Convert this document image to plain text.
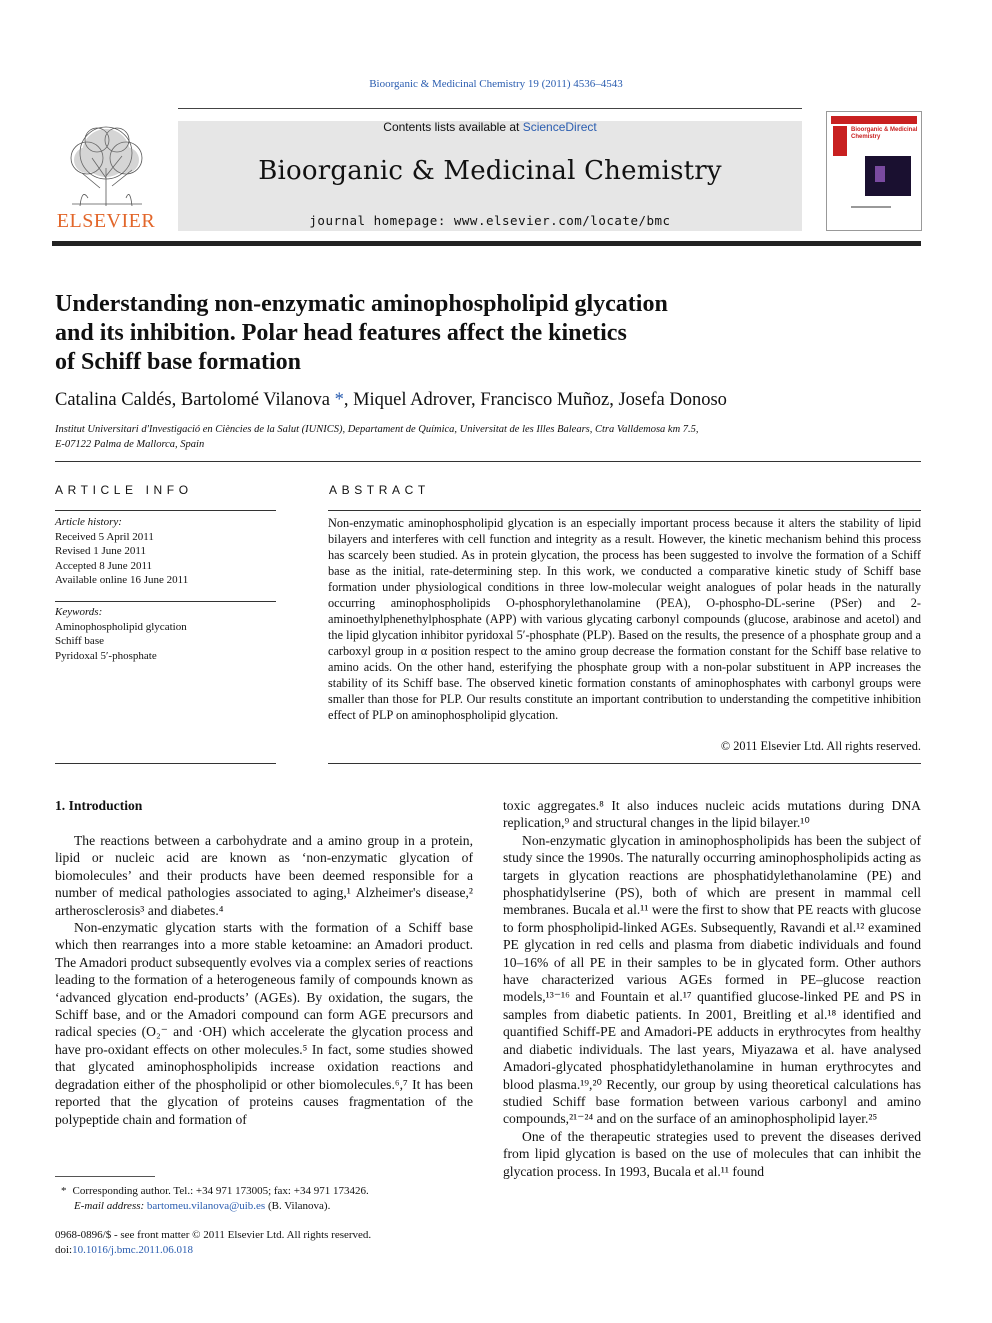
Bioorganic & Medicinal Chemistry 19 (2011) 4536–4543
ELSEVIER
Contents lists available at ScienceDirect
Bioorganic & Medicinal Chemistry
journal homepage: www.elsevier.com/locate/bmc
Bioorganic & Medicinal
Chemistry
Understanding non-enzymatic aminophospholipid glycation
and its inhibition. Polar head features affect the kinetics
of Schiff base formation
Catalina Caldés, Bartolomé Vilanova *, Miquel Adrover, Francisco Muñoz, Josefa Donoso
Institut Universitari d'Investigació en Ciències de la Salut (IUNICS), Departament de Química, Universitat de les Illes Balears, Ctra Valldemosa km 7.5,
E-07122 Palma de Mallorca, Spain
ARTICLE INFO
Article history:
Received 5 April 2011
Revised 1 June 2011
Accepted 8 June 2011
Available online 16 June 2011
Keywords:
Aminophospholipid glycation
Schiff base
Pyridoxal 5′-phosphate
ABSTRACT
Non-enzymatic aminophospholipid glycation is an especially important process because it alters the stability of lipid bilayers and interferes with cell function and integrity as a result. However, the kinetic mechanism behind this process has scarcely been studied. As in protein glycation, the process has been suggested to involve the formation of a Schiff base as the initial, rate-determining step. In this work, we conducted a comparative kinetic study of Schiff base formation under physiological conditions in three low-molecular weight analogues of polar heads in the naturally occurring aminophospholipids O-phosphorylethanolamine (PEA), O-phospho-DL-serine (PSer) and 2-aminoethylphenethylphosphate (APP) with various glycating carbonyl compounds (glucose, arabinose and acetol) and the lipid glycation inhibitor pyridoxal 5′-phosphate (PLP). Based on the results, the presence of a phosphate group and a carboxyl group in α position respect to the amino group decrease the formation constant for the Schiff base relative to amino acids. On the other hand, esterifying the phosphate group with a non-polar substituent in APP increases the stability of its Schiff base. The observed kinetic formation constants of aminophosphates with carbonyl groups were smaller than those for PLP. Our results constitute an important contribution to understanding the competitive inhibition effect of PLP on aminophospholipid glycation.
© 2011 Elsevier Ltd. All rights reserved.
1. Introduction

The reactions between a carbohydrate and a amino group in a protein, lipid or nucleic acid are known as ‘non-enzymatic glycation of biomolecules’ and their products have been deemed responsible for a number of medical pathologies associated to aging,¹ Alzheimer's disease,² artherosclerosis³ and diabetes.⁴

Non-enzymatic glycation starts with the formation of a Schiff base which then rearranges into a more stable ketoamine: an Amadori product. The Amadori product subsequently evolves via a complex series of reactions leading to the formation of a heterogeneous family of compounds known as ‘advanced glycation end-products’ (AGEs). By oxidation, the sugars, the Schiff base, and or the Amadori compound can form AGE precursors and radical species (O₂⁻ and ·OH) which accelerate the glycation process and have pro-oxidant effects on other molecules.⁵ In fact, some studies showed that glycated aminophospholipids increase oxidation reactions and degradation either of the phospholipid or other biomolecules.⁶,⁷ It has been reported that the glycation of proteins causes fragmentation of the polypeptide chain and formation of

toxic aggregates.⁸ It also induces nucleic acids mutations during DNA replication,⁹ and structural changes in the lipid bilayer.¹⁰

Non-enzymatic glycation in aminophospholipids has been the subject of study since the 1990s. The naturally occurring aminophospholipids acting as targets in glycation reactions are phosphatidylethanolamine (PE) and phosphatidylserine (PS), both of which are present in mammal cell membranes. Bucala et al.¹¹ were the first to show that PE reacts with glucose to form phospholipid-linked AGEs. Subsequently, Ravandi et al.¹² examined PE glycation in red cells and plasma from diabetic individuals and found 10–16% of all PE in their samples to be in glycated form. Other authors have characterized various AGEs formed in PE–glucose reaction models,¹³⁻¹⁶ and Fountain et al.¹⁷ quantified glucose-linked PE and PS in samples from diabetic patients. In 2001, Breitling et al.¹⁸ identified and quantified Schiff-PE and Amadori-PE adducts in erythrocytes from healthy and diabetic individuals. The last years, Miyazawa et al. have analysed Amadori-glycated phosphatidylethanolamine in human erythrocytes and blood plasma.¹⁹,²⁰ Recently, our group by using theoretical calculations has studied Schiff base formation between various carbonyl and amino compounds,²¹⁻²⁴ and on the surface of an aminophospholipid layer.²⁵

One of the therapeutic strategies used to prevent the diseases derived from lipid glycation is based on the use of molecules that can inhibit the glycation process. In 1993, Bucala et al.¹¹ found

* Corresponding author. Tel.: +34 971 173005; fax: +34 971 173426.
E-mail address: bartomeu.vilanova@uib.es (B. Vilanova).
0968-0896/$ - see front matter © 2011 Elsevier Ltd. All rights reserved.
doi:10.1016/j.bmc.2011.06.018
